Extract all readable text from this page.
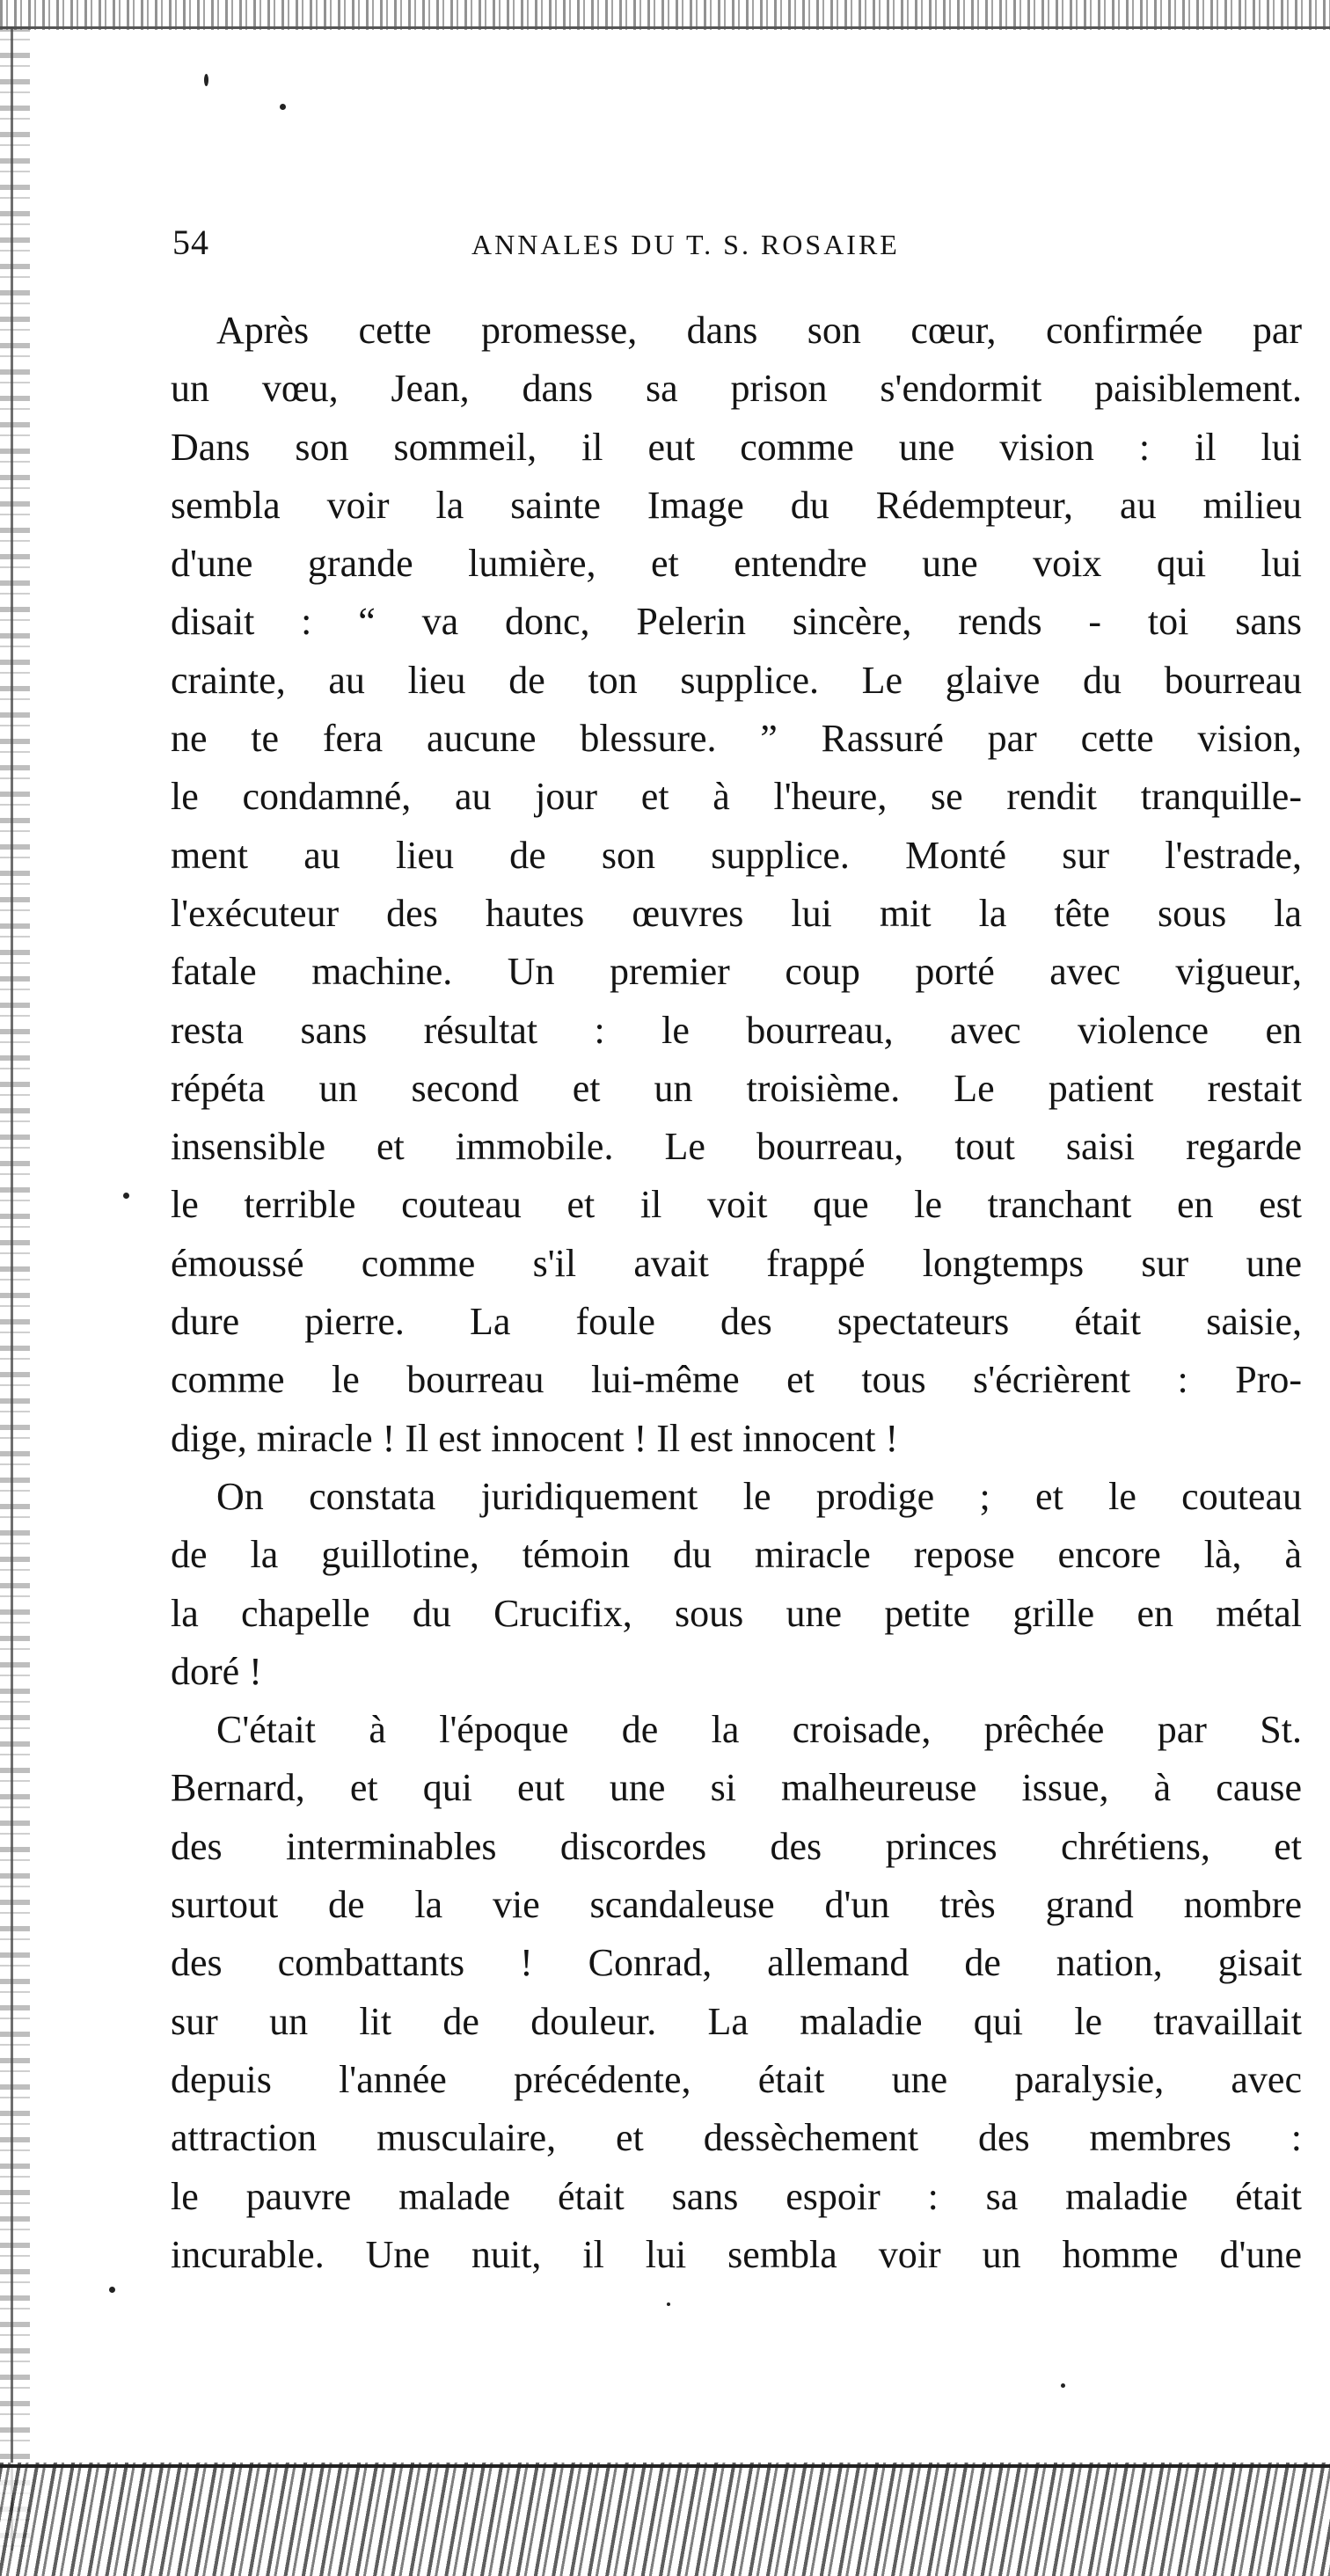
54	ANNALES DU T. S. ROSAIRE
Après cette promesse, dans son cœur, confirmée par
un vœu, Jean, dans sa prison s'endormit paisiblement.
Dans son sommeil, il eut comme une vision : il lui
sembla voir la sainte Image du Rédempteur, au milieu
d'une grande lumière, et entendre une voix qui lui
disait : “ va donc, Pelerin sincère, rends - toi sans
crainte, au lieu de ton supplice. Le glaive du bourreau
ne te fera aucune blessure. ” Rassuré par cette vision,
le condamné, au jour et à l'heure, se rendit tranquille-
ment au lieu de son supplice. Monté sur l'estrade,
l'exécuteur des hautes œuvres lui mit la tête sous la
fatale machine. Un premier coup porté avec vigueur,
resta sans résultat : le bourreau, avec violence en
répéta un second et un troisième. Le patient restait
insensible et immobile. Le bourreau, tout saisi regarde
le terrible couteau et il voit que le tranchant en est
émoussé comme s'il avait frappé longtemps sur une
dure pierre. La foule des spectateurs était saisie,
comme le bourreau lui-même et tous s'écrièrent : Pro-
dige, miracle ! Il est innocent ! Il est innocent !
On constata juridiquement le prodige ; et le couteau
de la guillotine, témoin du miracle repose encore là, à
la chapelle du Crucifix, sous une petite grille en métal
doré !
C'était à l'époque de la croisade, prêchée par St.
Bernard, et qui eut une si malheureuse issue, à cause
des interminables discordes des princes chrétiens, et
surtout de la vie scandaleuse d'un très grand nombre
des combattants ! Conrad, allemand de nation, gisait
sur un lit de douleur. La maladie qui le travaillait
depuis l'année précédente, était une paralysie, avec
attraction musculaire, et dessèchement des membres :
le pauvre malade était sans espoir : sa maladie était
incurable. Une nuit, il lui sembla voir un homme d'une
